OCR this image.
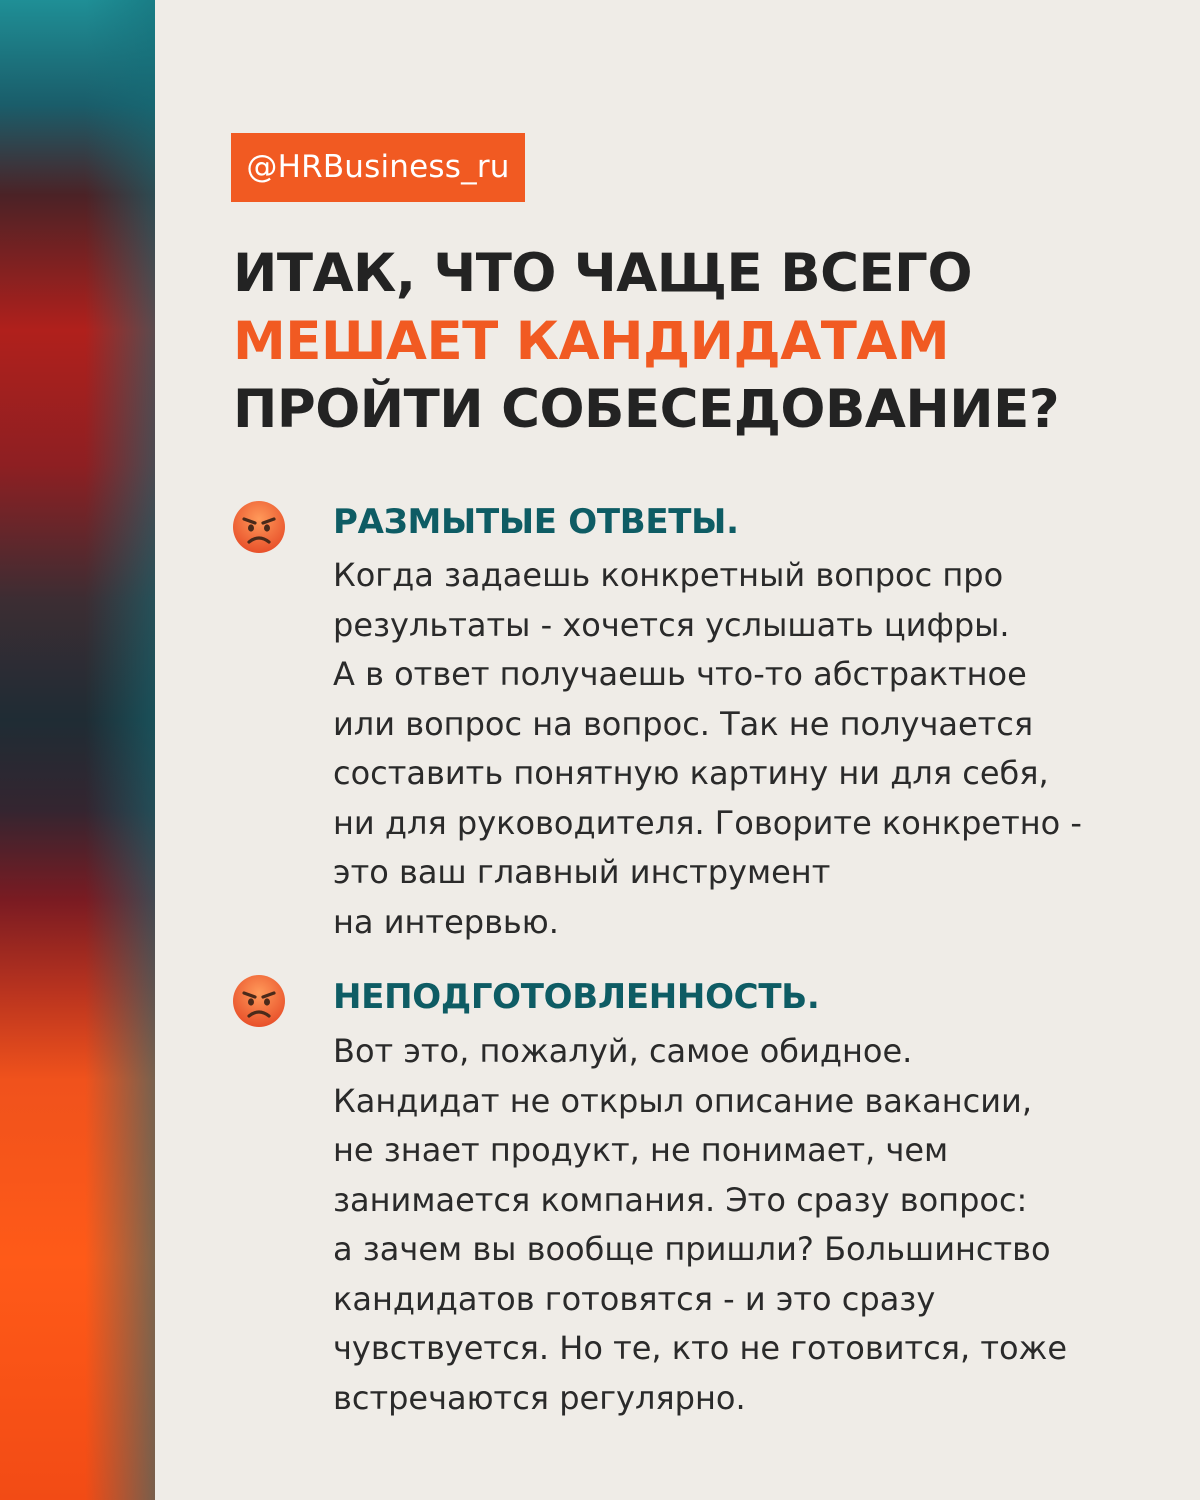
@HRBusiness_ru
ИТАК, ЧТО ЧАЩЕ ВСЕГО
МЕШАЕТ КАНДИДАТАМ
ПРОЙТИ СОБЕСЕДОВАНИЕ?
РАЗМЫТЫЕ ОТВЕТЫ.

Когда задаешь конкретный вопрос про
результаты - хочется услышать цифры.
А в ответ получаешь что-то абстрактное
или вопрос на вопрос. Так не получается
составить понятную картину ни для себя,
ни для руководителя. Говорите конкретно -
это ваш главный инструмент
на интервью.

НЕПОДГОТОВЛЕННОСТЬ.

Вот это, пожалуй, самое обидное.
Кандидат не открыл описание вакансии,
не знает продукт, не понимает, чем
занимается компания. Это сразу вопрос:
а зачем вы вообще пришли? Большинство
кандидатов готовятся - и это сразу
чувствуется. Но те, кто не готовится, тоже
встречаются регулярно.
